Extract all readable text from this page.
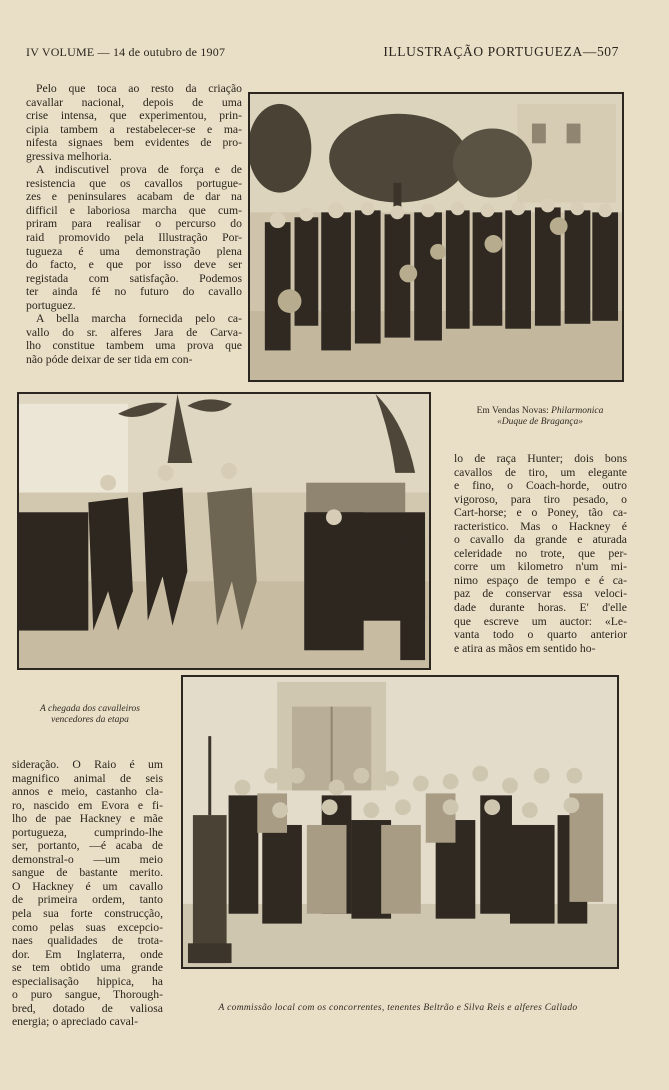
IV VOLUME — 14 de outubro de 1907	ILLUSTRAÇÃO PORTUGUEZA—507
Pelo que toca ao resto da criação
cavallar nacional, depois de uma
crise intensa, que experimentou, prin-
cipia tambem a restabelecer-se e ma-
nifesta signaes bem evidentes de pro-
gressiva melhoria.
A indiscutivel prova de força e de
resistencia que os cavallos portugue-
zes e peninsulares acabam de dar na
difficil e laboriosa marcha que cum-
priram para realisar o percurso do
raid promovido pela Illustração Por-
tugueza é uma demonstração plena
do facto, e que por isso deve ser
registada com satisfação. Podemos
ter ainda fé no futuro do cavallo
portuguez.
A bella marcha fornecida pelo ca-
vallo do sr. alferes Jara de Carva-
lho constitue tambem uma prova que
não póde deixar de ser tida em con-
Em Vendas Novas: Philarmonica
«Duque de Bragança»
lo de raça Hunter; dois bons
cavallos de tiro, um elegante
e fino, o Coach-horde, outro
vigoroso, para tiro pesado, o
Cart-horse; e o Poney, tão ca-
racteristico. Mas o Hackney é
o cavallo da grande e aturada
celeridade no trote, que per-
corre um kilometro n'um mi-
nimo espaço de tempo e é ca-
paz de conservar essa veloci-
dade durante horas. E' d'elle
que escreve um auctor: «Le-
vanta todo o quarto anterior
e atira as mãos em sentido ho-
A chegada dos cavalleiros
vencedores da etapa
sideração. O Raio é um
magnifico animal de seis
annos e meio, castanho cla-
ro, nascido em Evora e fi-
lho de pae Hackney e mãe
portugueza, cumprindo-lhe
ser, portanto, —é acaba de
demonstral-o —um meio
sangue de bastante merito.
O Hackney é um cavallo
de primeira ordem, tanto
pela sua forte construcção,
como pelas suas excepcio-
naes qualidades de trota-
dor. Em Inglaterra, onde
se tem obtido uma grande
especialisação hippica, ha
o puro sangue, Thorough-
bred, dotado de valiosa
energia; o apreciado caval-
A commissão local com os concorrentes, tenentes Beltrão e Silva Reis e alferes Callado
